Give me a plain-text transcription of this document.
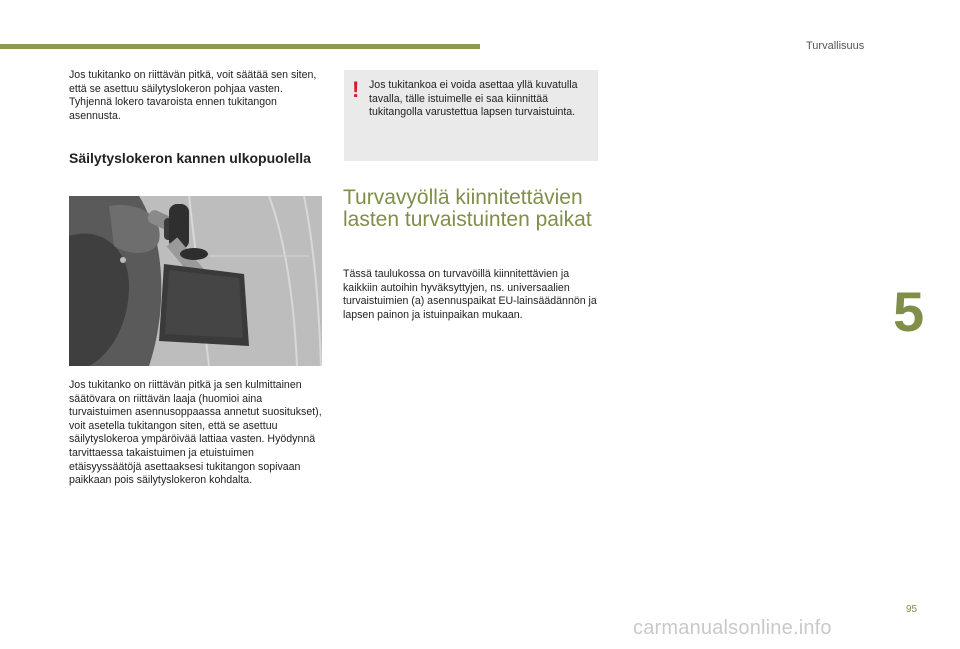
Turvallisuus
5

Jos tukitanko on riittävän pitkä, voit säätää sen siten, että se asettuu säilytyslokeron pohjaa vasten. Tyhjennä lokero tavaroista ennen tukitangon asennusta.

Säilytyslokeron kannen ulkopuolella

Jos tukitanko on riittävän pitkä ja sen kulmittainen säätövara on riittävän laaja (huomioi aina turvaistuimen asennusoppaassa annetut suositukset), voit asetella tukitangon siten, että se asettuu säilytyslokeroa ympäröivää lattiaa vasten. Hyödynnä tarvittaessa takaistuimen ja etuistuimen etäisyyssäätöjä asettaaksesi tukitangon sopivaan paikkaan pois säilytyslokeron kohdalta.

! Jos tukitankoa ei voida asettaa yllä kuvatulla tavalla, tälle istuimelle ei saa kiinnittää tukitangolla varustettua lapsen turvaistuinta.
Turvavyöllä kiinnitettävien lasten turvaistuinten paikat

Tässä taulukossa on turvavöillä kiinnitettävien ja kaikkiin autoihin hyväksyttyjen, ns. universaalien turvaistuimien (a) asennuspaikat EU-lainsäädännön ja lapsen painon ja istuinpaikan mukaan.

95
carmanualsonline.info
